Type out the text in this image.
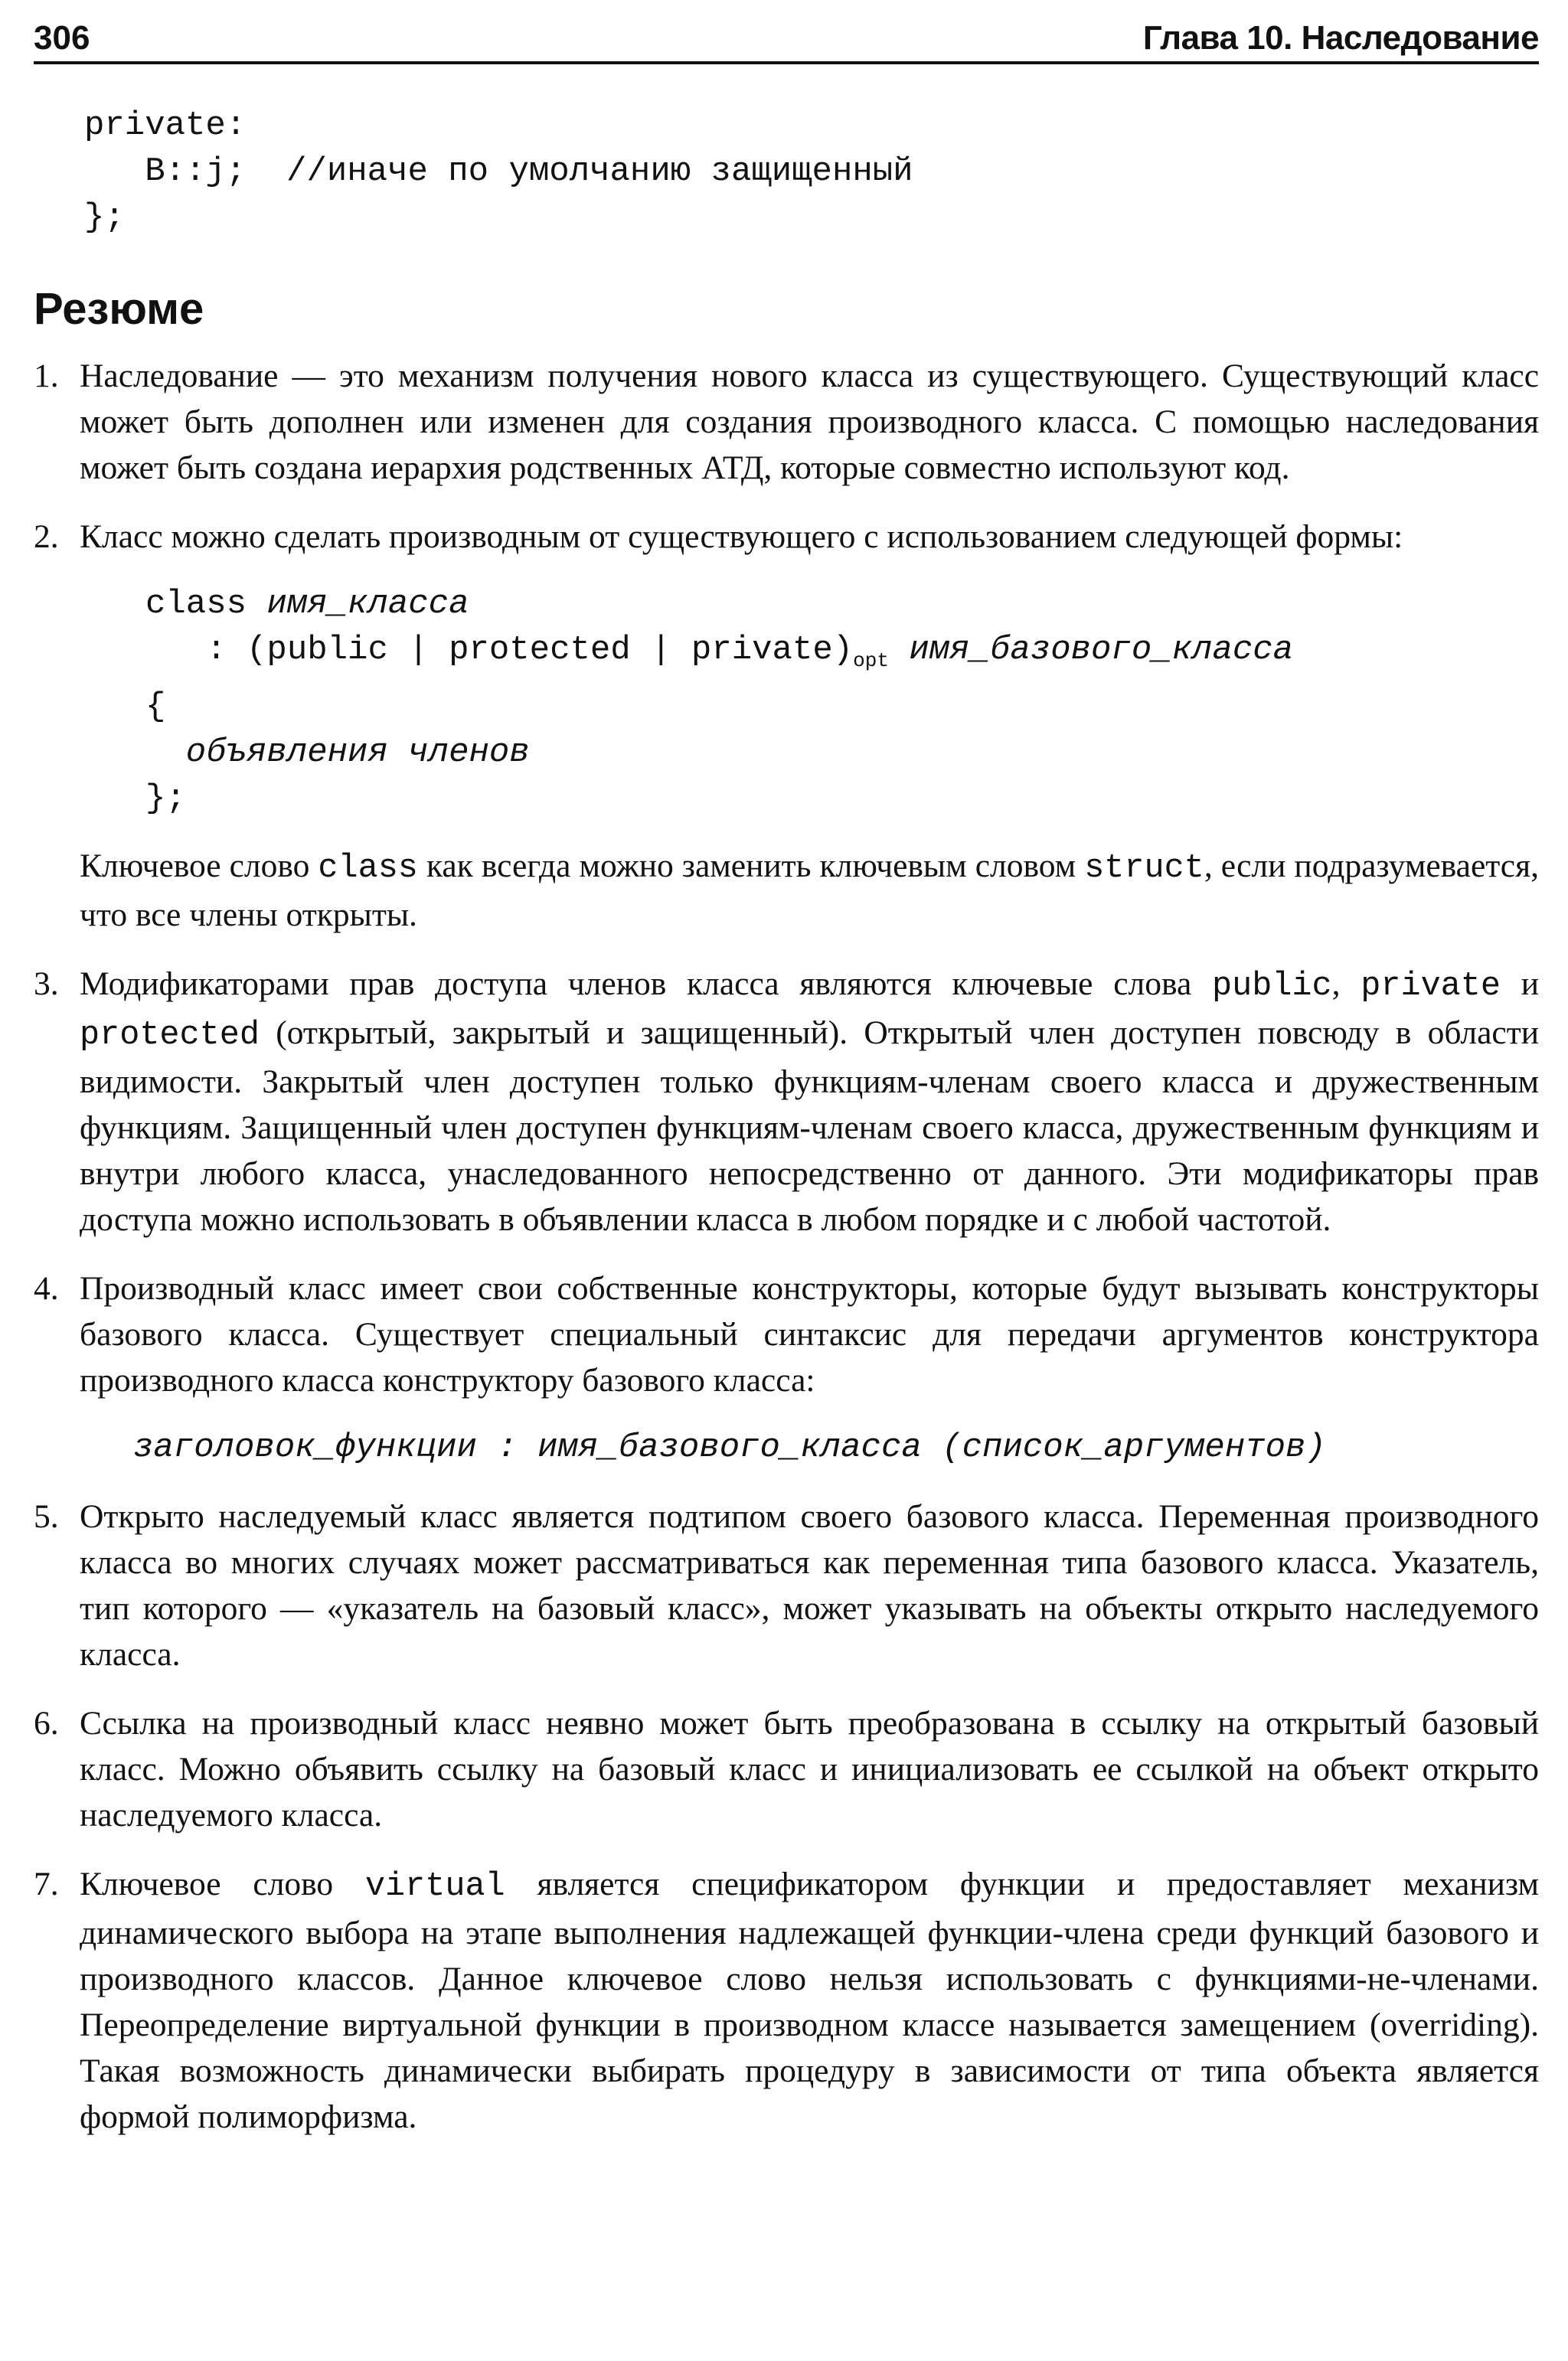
306	Глава 10. Наследование
private:
B::j;  //иначе по умолчанию защищенный
};
Резюме
1. Наследование — это механизм получения нового класса из существующего. Существующий класс может быть дополнен или изменен для создания производного класса. С помощью наследования может быть создана иерархия родственных АТД, которые совместно используют код.
2. Класс можно сделать производным от существующего с использованием следующей формы:
class имя_класса
: (public | protected | $private)_{opt}$ имя_базового_класса
{
объявления членов
};
Ключевое слово class как всегда можно заменить ключевым словом struct, если подразумевается, что все члены открыты.
3. Модификаторами прав доступа членов класса являются ключевые слова public, private и protected (открытый, закрытый и защищенный). Открытый член доступен повсюду в области видимости. Закрытый член доступен только функциям-членам своего класса и дружественным функциям. Защищенный член доступен функциям-членам своего класса, дружественным функциям и внутри любого класса, унаследованного непосредственно от данного. Эти модификаторы прав доступа можно использовать в объявлении класса в любом порядке и с любой частотой.
4. Производный класс имеет свои собственные конструкторы, которые будут вызывать конструкторы базового класса. Существует специальный синтаксис для передачи аргументов конструктора производного класса конструктору базового класса:
заголовок_функции : имя_базового_класса (список_аргументов)
5. Открыто наследуемый класс является подтипом своего базового класса. Переменная производного класса во многих случаях может рассматриваться как переменная типа базового класса. Указатель, тип которого — «указатель на базовый класс», может указывать на объекты открыто наследуемого класса.
6. Ссылка на производный класс неявно может быть преобразована в ссылку на открытый базовый класс. Можно объявить ссылку на базовый класс и инициализовать ее ссылкой на объект открыто наследуемого класса.
7. Ключевое слово virtual является спецификатором функции и предоставляет механизм динамического выбора на этапе выполнения надлежащей функции-члена среди функций базового и производного классов. Данное ключевое слово нельзя использовать с функциями-не-членами. Переопределение виртуальной функции в производном классе называется замещением (overriding). Такая возможность динамически выбирать процедуру в зависимости от типа объекта является формой полиморфизма.
